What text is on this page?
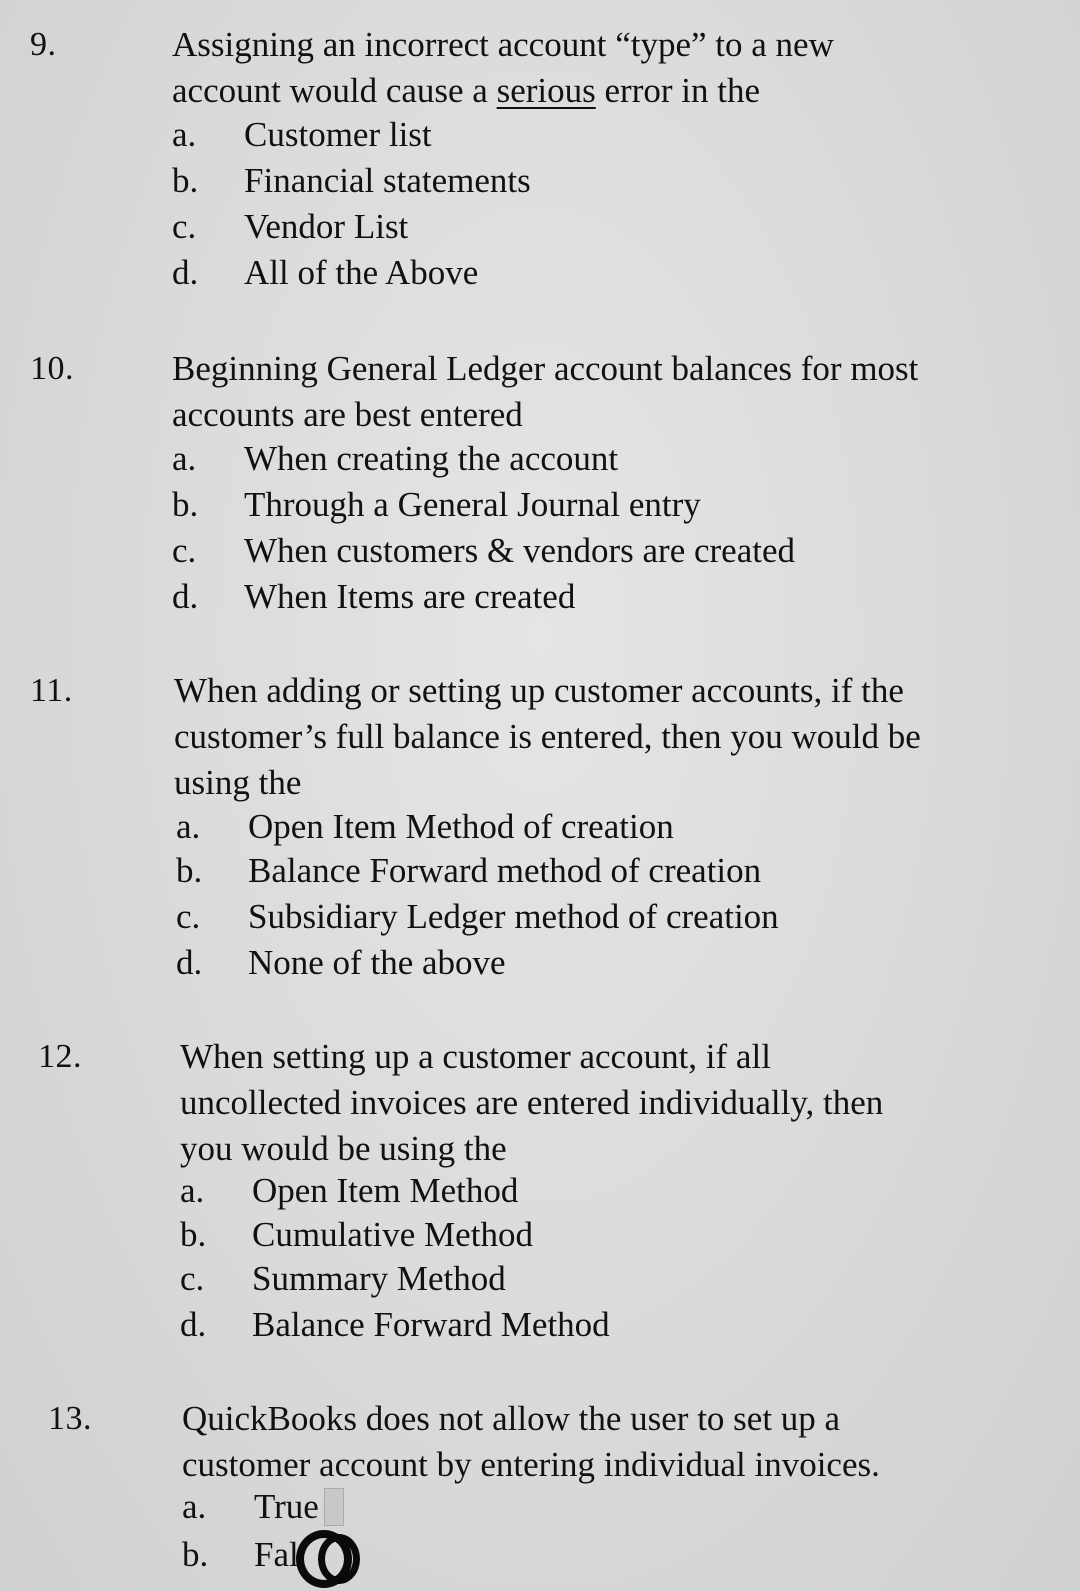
9.	Assigning an incorrect account “type” to a new
account would cause a serious error in the
a. Customer list
b. Financial statements
c. Vendor List
d. All of the Above
10.	Beginning General Ledger account balances for most
accounts are best entered
a. When creating the account
b. Through a General Journal entry
c. When customers & vendors are created
d. When Items are created
11.	When adding or setting up customer accounts, if the
customer’s full balance is entered, then you would be
using the
a. Open Item Method of creation
b. Balance Forward method of creation
c. Subsidiary Ledger method of creation
d. None of the above
12.	When setting up a customer account, if all
uncollected invoices are entered individually, then
you would be using the
a. Open Item Method
b. Cumulative Method
c. Summary Method
d. Balance Forward Method
13.	QuickBooks does not allow the user to set up a
customer account by entering individual invoices.
a. True
b. Fal
